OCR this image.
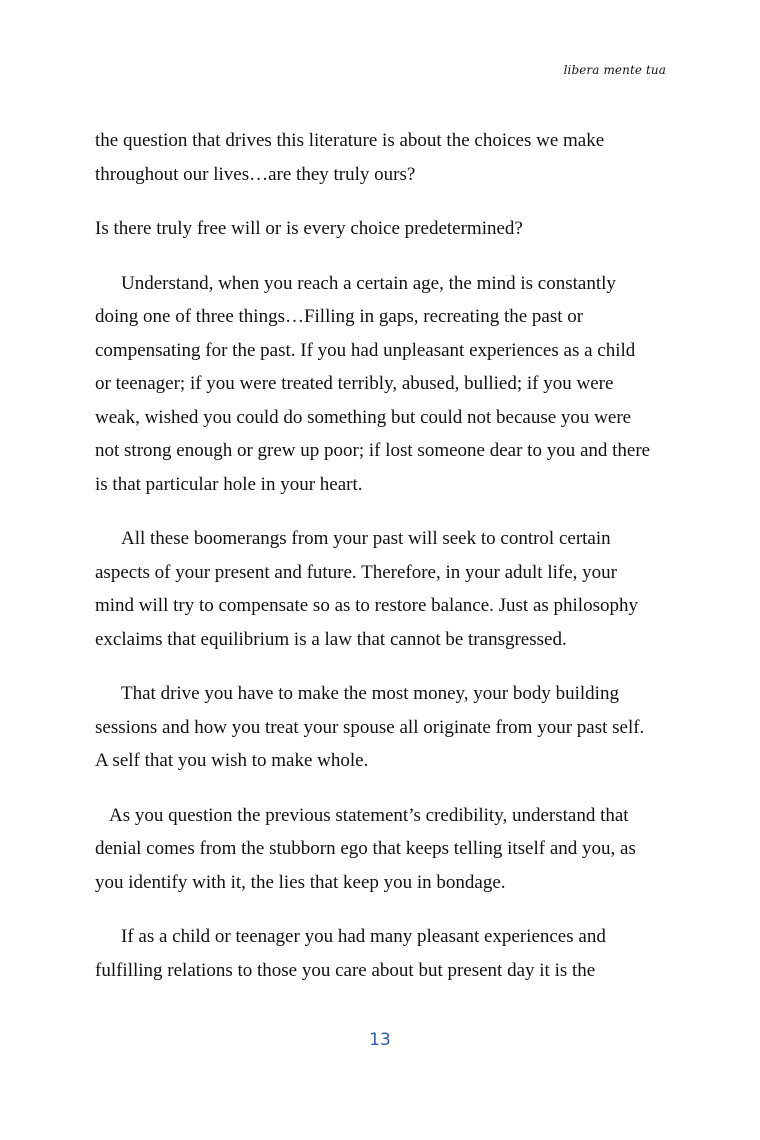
libera mente tua

the question that drives this literature is about the choices we make
throughout our lives…are they truly ours?

Is there truly free will or is every choice predetermined?

Understand, when you reach a certain age, the mind is constantly
doing one of three things…Filling in gaps, recreating the past or
compensating for the past. If you had unpleasant experiences as a child
or teenager; if you were treated terribly, abused, bullied; if you were
weak, wished you could do something but could not because you were
not strong enough or grew up poor; if lost someone dear to you and there
is that particular hole in your heart.

All these boomerangs from your past will seek to control certain
aspects of your present and future. Therefore, in your adult life, your
mind will try to compensate so as to restore balance. Just as philosophy
exclaims that equilibrium is a law that cannot be transgressed.

That drive you have to make the most money, your body building
sessions and how you treat your spouse all originate from your past self.
A self that you wish to make whole.

As you question the previous statement’s credibility, understand that
denial comes from the stubborn ego that keeps telling itself and you, as
you identify with it, the lies that keep you in bondage.

If as a child or teenager you had many pleasant experiences and
fulfilling relations to those you care about but present day it is the

13
